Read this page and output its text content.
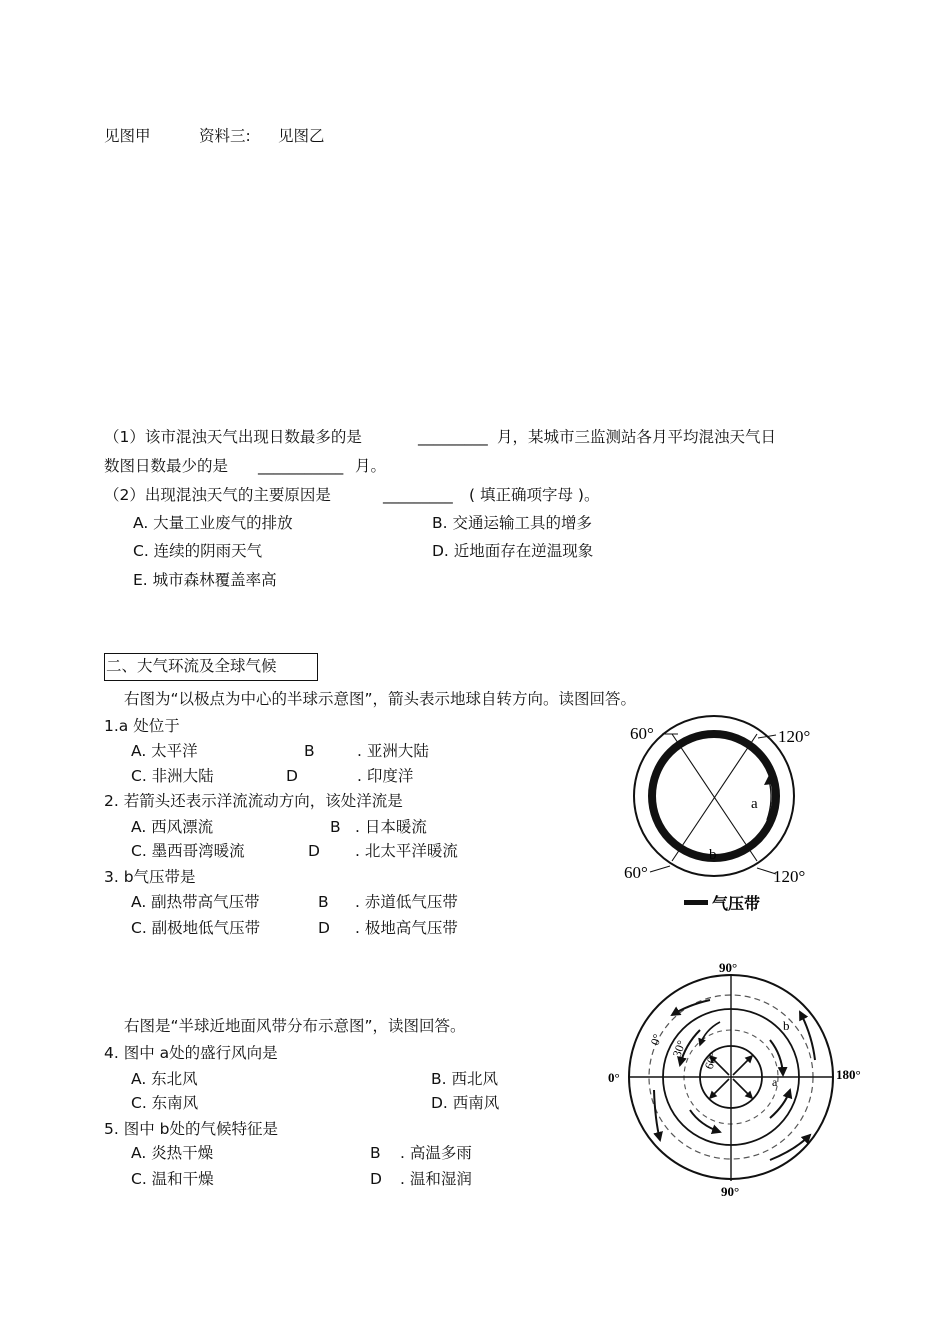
见图甲	资料三: 见图乙
（1）该市混浊天气出现日数最多的是	_________ 月，某城市三监测站各月平均混浊天气日
数图日数最少的是 ___________ 月。
（2）出现混浊天气的主要原因是	_________ ( 填正确项字母 )。
A. 大量工业废气的排放	B. 交通运输工具的增多
C. 连续的阴雨天气	D. 近地面存在逆温现象
E. 城市森林覆盖率高
二、大气环流及全球气候
右图为“以极点为中心的半球示意图”，箭头表示地球自转方向。读图回答。
1.a 处位于
A. 太平洋	B	. 亚洲大陆
C. 非洲大陆	D	. 印度洋
2. 若箭头还表示洋流流动方向，该处洋流是
A. 西风漂流	B . 日本暖流
C. 墨西哥湾暖流	D . 北太平洋暖流
3. b气压带是
A. 副热带高气压带	B . 赤道低气压带
C. 副极地低气压带	D . 极地高气压带
右图是“半球近地面风带分布示意图”，读图回答。
4. 图中 a处的盛行风向是
A. 东北风	B. 西北风
C. 东南风	D. 西南风
5. 图中 b处的气候特征是
A. 炎热干燥	B . 高温多雨
C. 温和干燥	D . 温和湿润
60°	120°
60°	120°
a
b
气压带
90°
90°
0°	180°
0° 30°
60°
a
b
